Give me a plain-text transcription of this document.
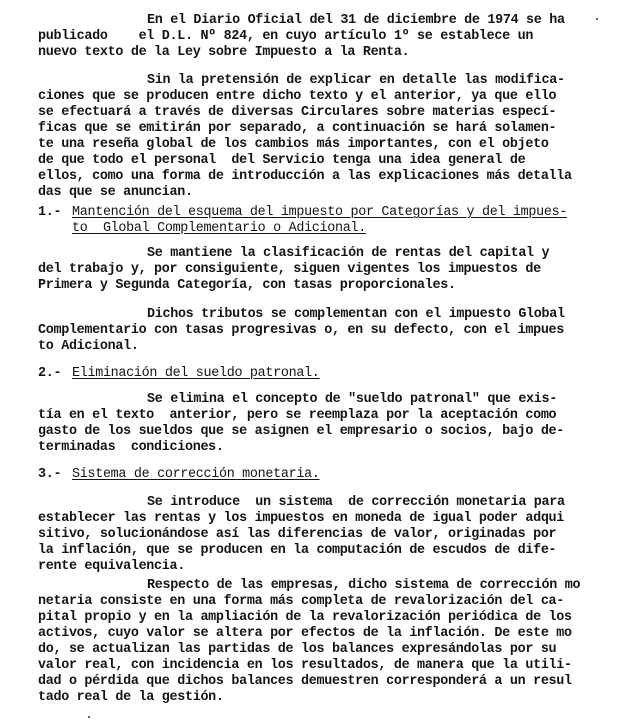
En el Diario Oficial del 31 de diciembre de 1974 se ha
publicado    el D.L. Nº 824, en cuyo artículo 1º se establece un
nuevo texto de la Ley sobre Impuesto a la Renta.
Sin la pretensión de explicar en detalle las modifica-
ciones que se producen entre dicho texto y el anterior, ya que ello
se efectuará a través de diversas Circulares sobre materias especí-
ficas que se emitirán por separado, a continuación se hará solamen-
te una reseña global de los cambios más importantes, con el objeto
de que todo el personal  del Servicio tenga una idea general de
ellos, como una forma de introducción a las explicaciones más detalla
das que se anuncian.
1.- Mantención del esquema del impuesto por Categorías y del impues-
to  Global Complementario o Adicional.
Se mantiene la clasificación de rentas del capital y
del trabajo y, por consiguiente, siguen vigentes los impuestos de
Primera y Segunda Categoría, con tasas proporcionales.
Dichos tributos se complementan con el impuesto Global
Complementario con tasas progresivas o, en su defecto, con el impues
to Adicional.
2.- Eliminación del sueldo patronal.
Se elimina el concepto de "sueldo patronal" que exis-
tía en el texto  anterior, pero se reemplaza por la aceptación como
gasto de los sueldos que se asignen el empresario o socios, bajo de-
terminadas  condiciones.
3.- Sistema de corrección monetaria.
Se introduce  un sistema  de corrección monetaria para
establecer las rentas y los impuestos en moneda de igual poder adqui
sitivo, solucionándose así las diferencias de valor, originadas por
la inflación, que se producen en la computación de escudos de dife-
rente equivalencia.
Respecto de las empresas, dicho sistema de corrección mo
netaria consiste en una forma más completa de revalorización del ca-
pital propio y en la ampliación de la revalorización periódica de los
activos, cuyo valor se altera por efectos de la inflación. De este mo
do, se actualizan las partidas de los balances expresándolas por su
valor real, con incidencia en los resultados, de manera que la utili-
dad o pérdida que dichos balances demuestren corresponderá a un resul
tado real de la gestión.
